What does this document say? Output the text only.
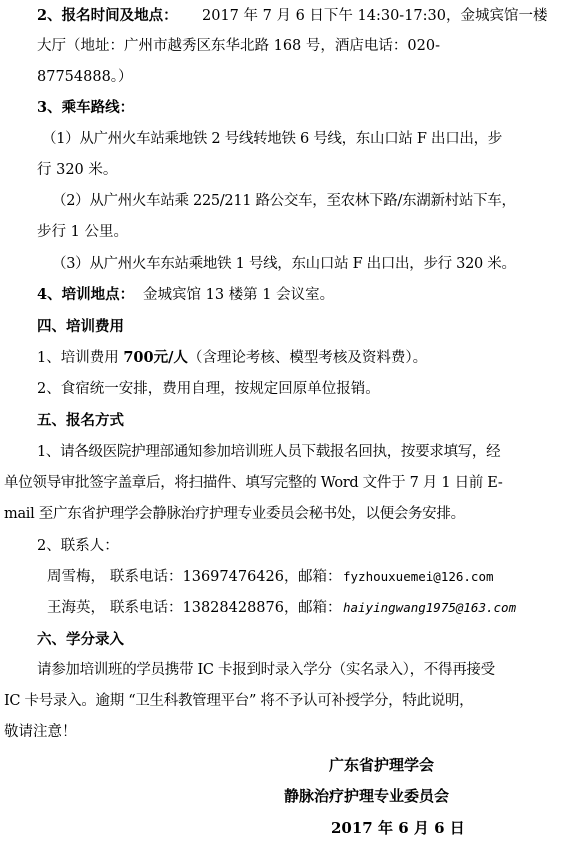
2、报名时间及地点： 2017 年 7 月 6 日下午 14:30-17:30，金城宾馆一楼
大厅（地址：广州市越秀区东华北路 168 号，酒店电话：020-
87754888。）
3、乘车路线：
（1）从广州火车站乘地铁 2 号线转地铁 6 号线，东山口站 F 出口出，步
行 320 米。
（2）从广州火车站乘 225/211 路公交车，至农林下路/东湖新村站下车，
步行 1 公里。
（3）从广州火车东站乘地铁 1 号线，东山口站 F 出口出，步行 320 米。
4、培训地点： 金城宾馆 13 楼第 1 会议室。
四、培训费用
1、培训费用 700元/人（含理论考核、模型考核及资料费）。
2、食宿统一安排，费用自理，按规定回原单位报销。
五、报名方式
1、请各级医院护理部通知参加培训班人员下载报名回执，按要求填写，经
单位领导审批签字盖章后，将扫描件、填写完整的 Word 文件于 7 月 1 日前 E-
mail 至广东省护理学会静脉治疗护理专业委员会秘书处，以便会务安排。
2、联系人：
周雪梅， 联系电话：13697476426， 邮箱： fyzhouxuemei@126.com
王海英， 联系电话：13828428876， 邮箱： haiyingwang1975@163.com
六、学分录入
请参加培训班的学员携带 IC 卡报到时录入学分（实名录入），不得再接受
IC 卡号录入。逾期 “卫生科教管理平台” 将不予认可补授学分，特此说明，
敬请注意！
广东省护理学会
静脉治疗护理专业委员会
2017 年 6 月 6 日
